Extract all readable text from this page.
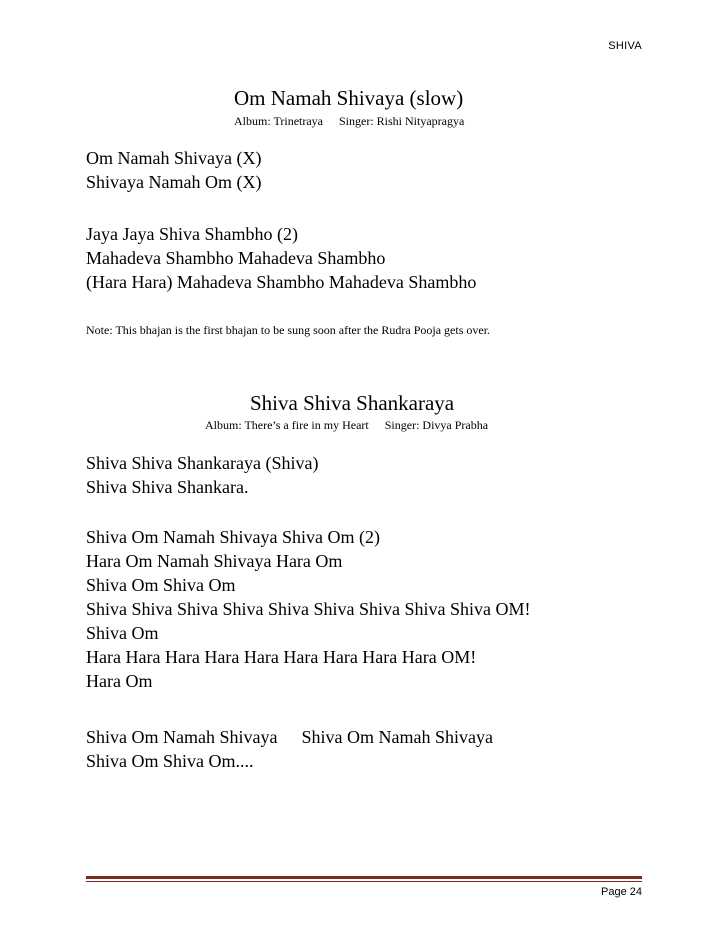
SHIVA
Om Namah Shivaya (slow)
Album: Trinetraya Singer: Rishi Nityapragya
Om Namah Shivaya (X)
Shivaya Namah Om (X)
Jaya Jaya Shiva Shambho (2)
Mahadeva Shambho Mahadeva Shambho
(Hara Hara) Mahadeva Shambho Mahadeva Shambho
Note: This bhajan is the first bhajan to be sung soon after the Rudra Pooja gets over.
Shiva Shiva Shankaraya
Album: There’s a fire in my Heart Singer: Divya Prabha
Shiva Shiva Shankaraya (Shiva)
Shiva Shiva Shankara.
Shiva Om Namah Shivaya Shiva Om (2)
Hara Om Namah Shivaya Hara Om
Shiva Om Shiva Om
Shiva Shiva Shiva Shiva Shiva Shiva Shiva Shiva Shiva OM!
Shiva Om
Hara Hara Hara Hara Hara Hara Hara Hara Hara OM!
Hara Om
Shiva Om Namah Shivaya Shiva Om Namah Shivaya
Shiva Om Shiva Om....
Page 24
